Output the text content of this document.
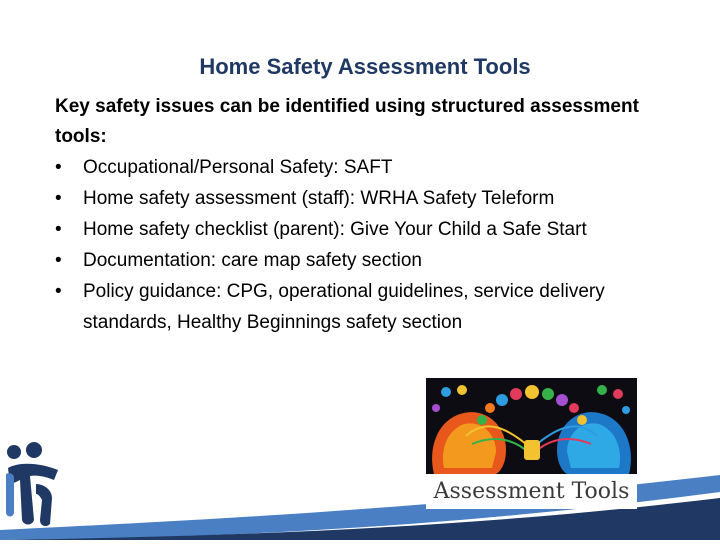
Home Safety Assessment Tools
Key safety issues can be identified using structured assessment tools:
• Occupational/Personal Safety: SAFT
• Home safety assessment (staff): WRHA Safety Teleform
• Home safety checklist (parent): Give Your Child a Safe Start
• Documentation: care map safety section
• Policy guidance: CPG, operational guidelines, service delivery standards, Healthy Beginnings safety section
Assessment Tools
